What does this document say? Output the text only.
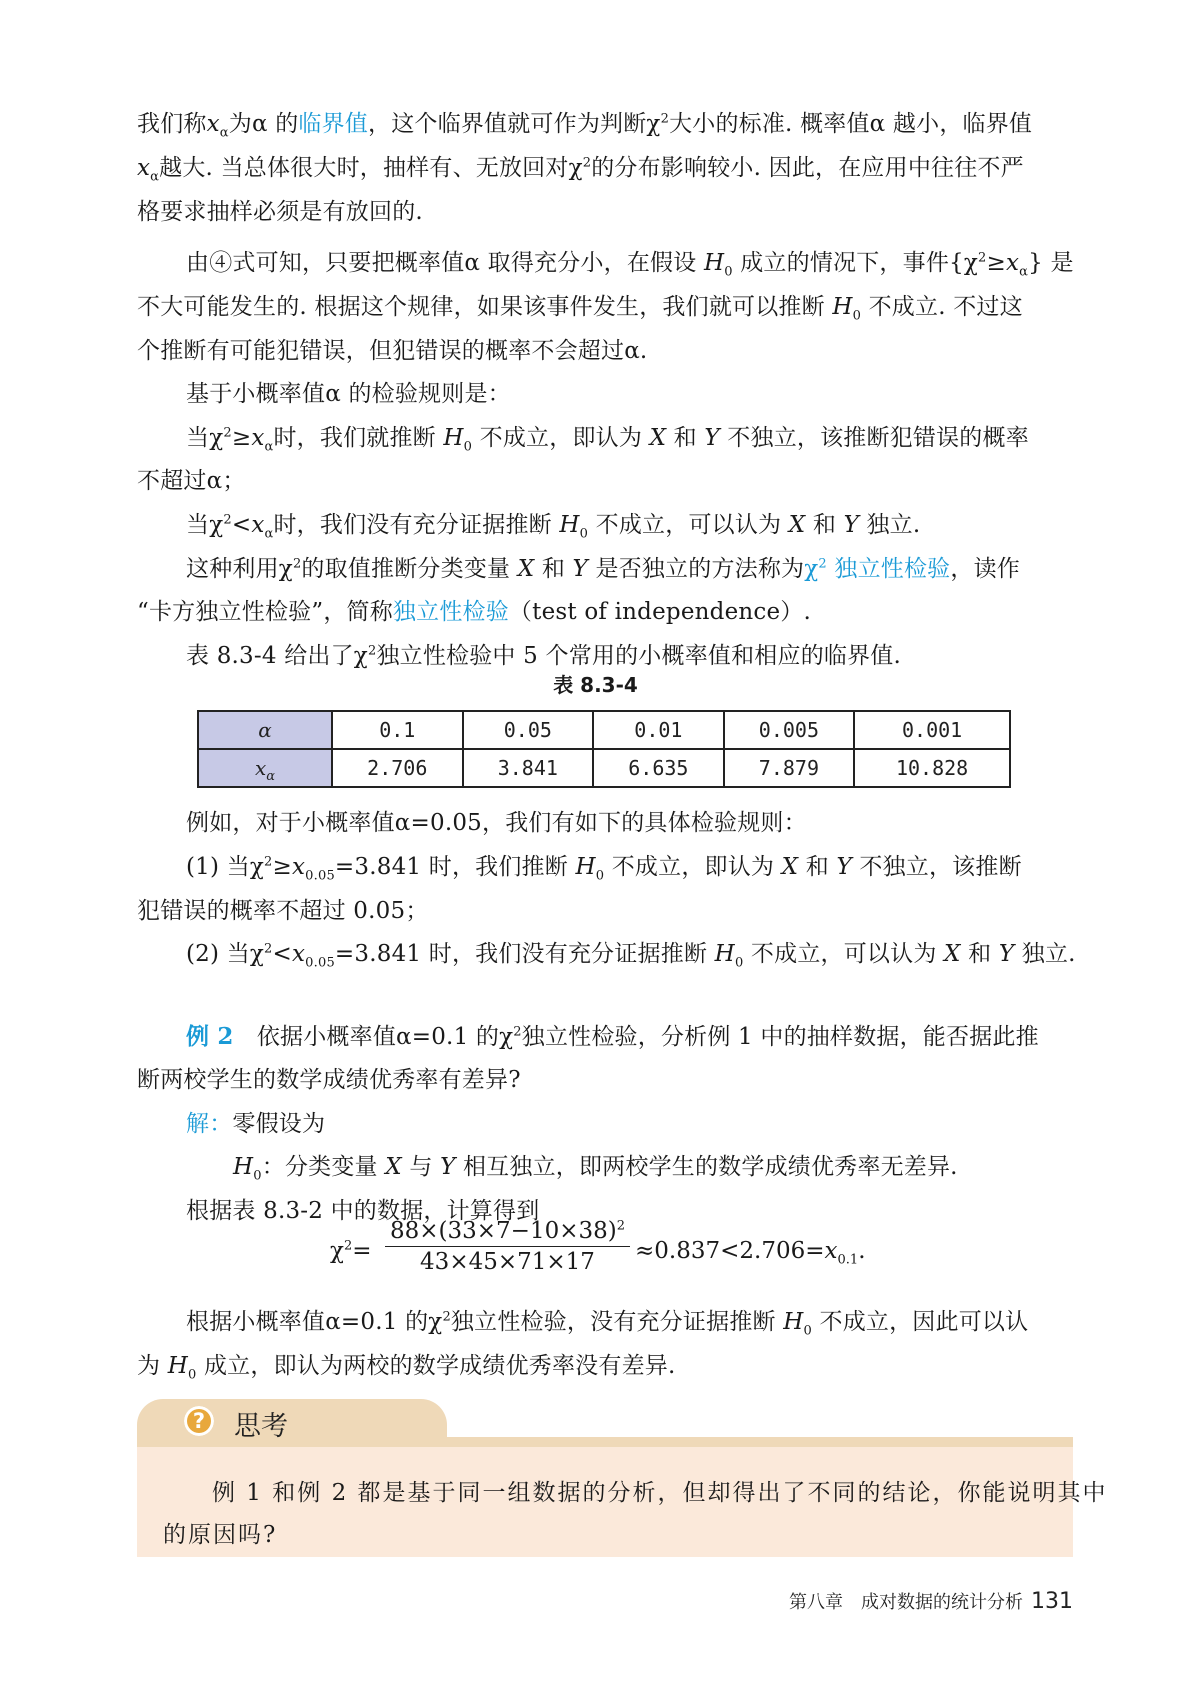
我们称$x_\alpha$为α 的临界值，这个临界值就可作为判断$\chi^2$大小的标准. 概率值α 越小，临界值
$x_\alpha$越大. 当总体很大时，抽样有、无放回对$\chi^2$的分布影响较小. 因此，在应用中往往不严
格要求抽样必须是有放回的.
由④式可知，只要把概率值α 取得充分小，在假设 $H_0$ 成立的情况下，事件$\{\chi^2\ge x_\alpha\}$ 是
不大可能发生的. 根据这个规律，如果该事件发生，我们就可以推断 $H_0$ 不成立. 不过这
个推断有可能犯错误，但犯错误的概率不会超过α.
基于小概率值α 的检验规则是：
当$\chi^2\ge x_\alpha$时，我们就推断 $H_0$ 不成立，即认为 X 和 Y 不独立，该推断犯错误的概率
不超过α；
当$\chi^2<x_\alpha$时，我们没有充分证据推断 $H_0$ 不成立，可以认为 X 和 Y 独立.
这种利用$\chi^2$的取值推断分类变量 X 和 Y 是否独立的方法称为$\chi^2$ 独立性检验，读作
“卡方独立性检验”，简称独立性检验（test of independence）.
表 8.3-4 给出了$\chi^2$独立性检验中 5 个常用的小概率值和相应的临界值.
表 8.3-4
α	0.1	0.05	0.01	0.005	0.001
$x_\alpha$	2.706	3.841	6.635	7.879	10.828
例如，对于小概率值α=0.05，我们有如下的具体检验规则：
(1) 当$\chi^2\ge x_{0.05}=3.841$ 时，我们推断 $H_0$ 不成立，即认为 X 和 Y 不独立，该推断
犯错误的概率不超过 0.05；
(2) 当$\chi^2<x_{0.05}=3.841$ 时，我们没有充分证据推断 $H_0$ 不成立，可以认为 X 和 Y 独立.
例 2　依据小概率值α=0.1 的$\chi^2$独立性检验，分析例 1 中的抽样数据，能否据此推
断两校学生的数学成绩优秀率有差异?
解：零假设为
$H_0$：分类变量 X 与 Y 相互独立，即两校学生的数学成绩优秀率无差异.
根据表 8.3-2 中的数据，计算得到
$\chi^2= \frac{88\times(33\times 7-10\times 38)^2}{43\times 45\times 71\times 17} \approx 0.837<2.706=x_{0.1}$.
根据小概率值α=0.1 的$\chi^2$独立性检验，没有充分证据推断 $H_0$ 不成立，因此可以认
为 $H_0$ 成立，即认为两校的数学成绩优秀率没有差异.
?	思考
例 1 和例 2 都是基于同一组数据的分析，但却得出了不同的结论，你能说明其中
的原因吗?
第八章　成对数据的统计分析 131
